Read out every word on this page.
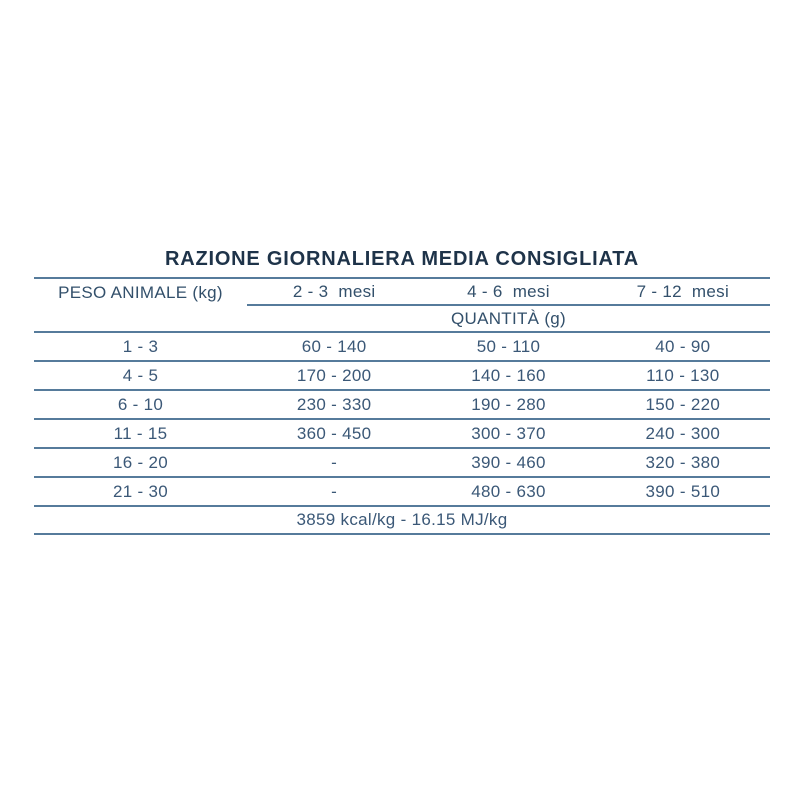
RAZIONE GIORNALIERA MEDIA CONSIGLIATA
PESO ANIMALE (kg)	2 - 3  mesi	4 - 6  mesi	7 - 12  mesi
QUANTITÀ (g)
1 - 3	60 - 140	50 - 110	40 - 90
4 - 5	170 - 200	140 - 160	110 - 130
6 - 10	230 - 330	190 - 280	150 - 220
11 - 15	360 - 450	300 - 370	240 - 300
16 - 20	-	390 - 460	320 - 380
21 - 30	-	480 - 630	390 - 510
3859 kcal/kg - 16.15 MJ/kg
